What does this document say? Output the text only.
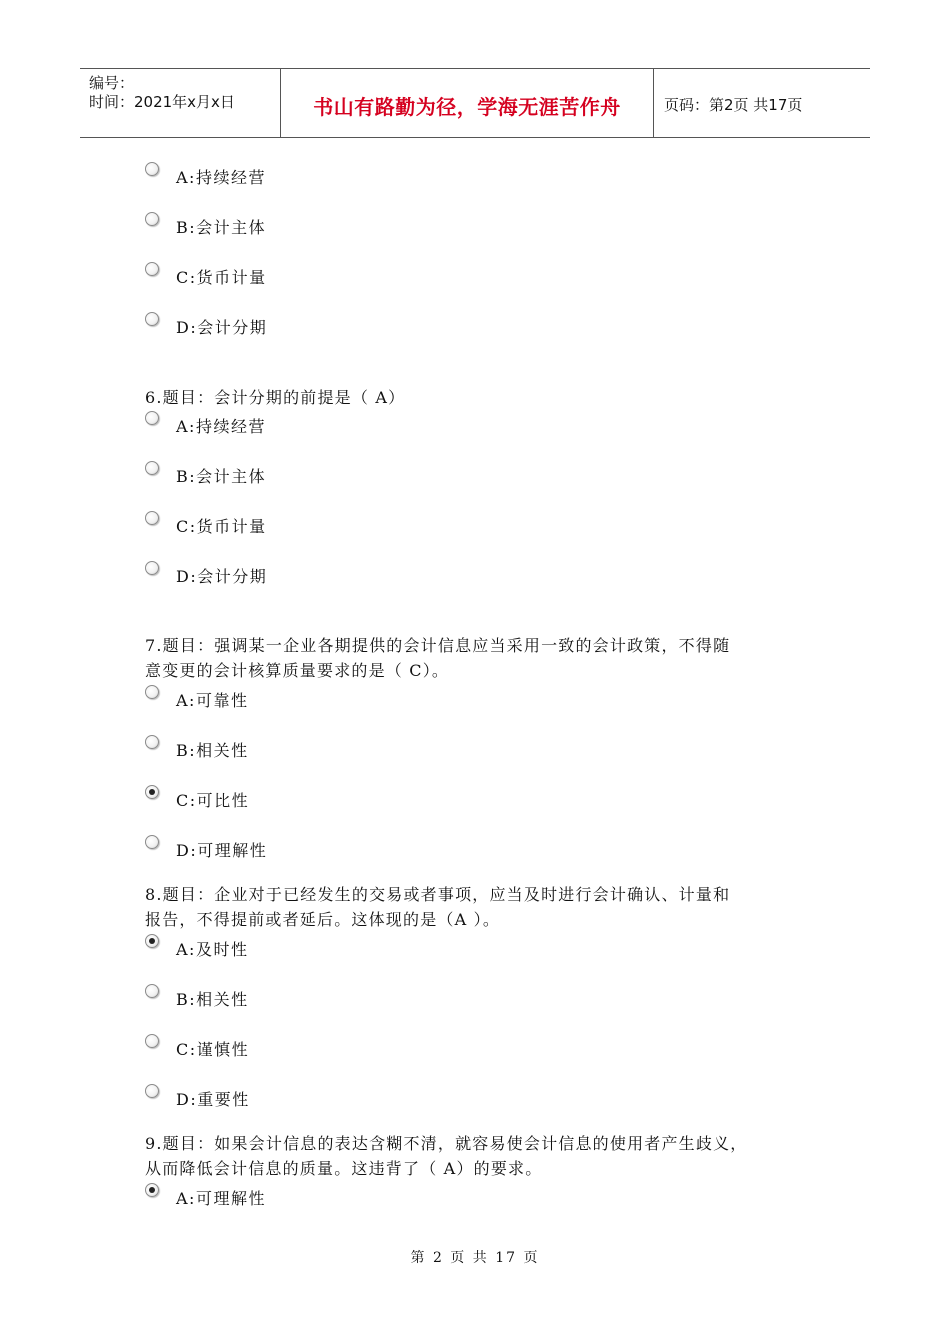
编号：
时间：2021年x月x日	书山有路勤为径，学海无涯苦作舟	页码：第2页 共17页
A:持续经营
B:会计主体
C:货币计量
D:会计分期
6.题目：会计分期的前提是（ A）
A:持续经营
B:会计主体
C:货币计量
D:会计分期
7.题目：强调某一企业各期提供的会计信息应当采用一致的会计政策，不得随
意变更的会计核算质量要求的是（ C）。
A:可靠性
B:相关性
C:可比性
D:可理解性
8.题目：企业对于已经发生的交易或者事项，应当及时进行会计确认、计量和
报告，不得提前或者延后。这体现的是（A ）。
A:及时性
B:相关性
C:谨慎性
D:重要性
9.题目：如果会计信息的表达含糊不清，就容易使会计信息的使用者产生歧义，
从而降低会计信息的质量。这违背了（ A）的要求。
A:可理解性
第 2 页 共 17 页
